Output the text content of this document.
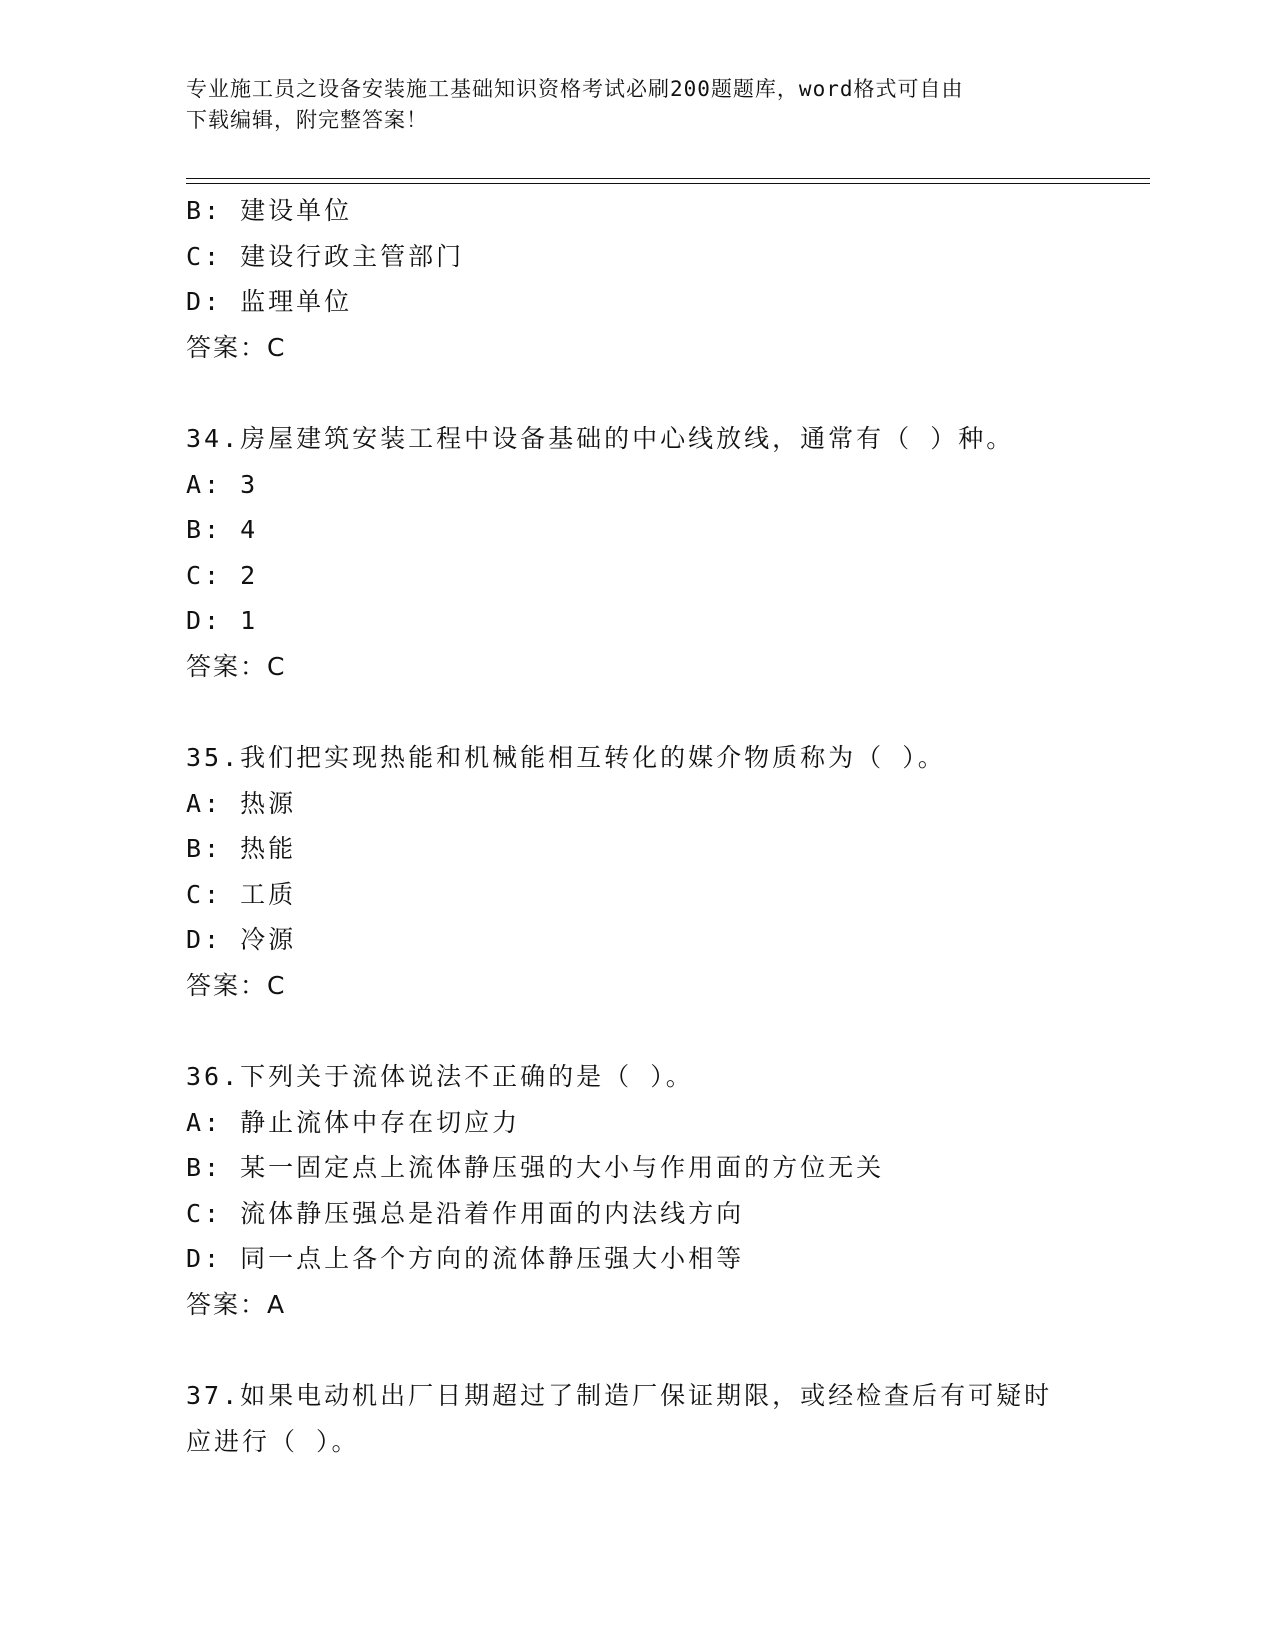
专业施工员之设备安装施工基础知识资格考试必刷200题题库，word格式可自由
下载编辑，附完整答案！
B: 建设单位
C: 建设行政主管部门
D: 监理单位
答案：C
34.房屋建筑安装工程中设备基础的中心线放线，通常有（ ）种。
A: 3
B: 4
C: 2
D: 1
答案：C
35.我们把实现热能和机械能相互转化的媒介物质称为（ ）。
A: 热源
B: 热能
C: 工质
D: 冷源
答案：C
36.下列关于流体说法不正确的是（ ）。
A: 静止流体中存在切应力
B: 某一固定点上流体静压强的大小与作用面的方位无关
C: 流体静压强总是沿着作用面的内法线方向
D: 同一点上各个方向的流体静压强大小相等
答案：A
37.如果电动机出厂日期超过了制造厂保证期限，或经检查后有可疑时
应进行（ ）。
